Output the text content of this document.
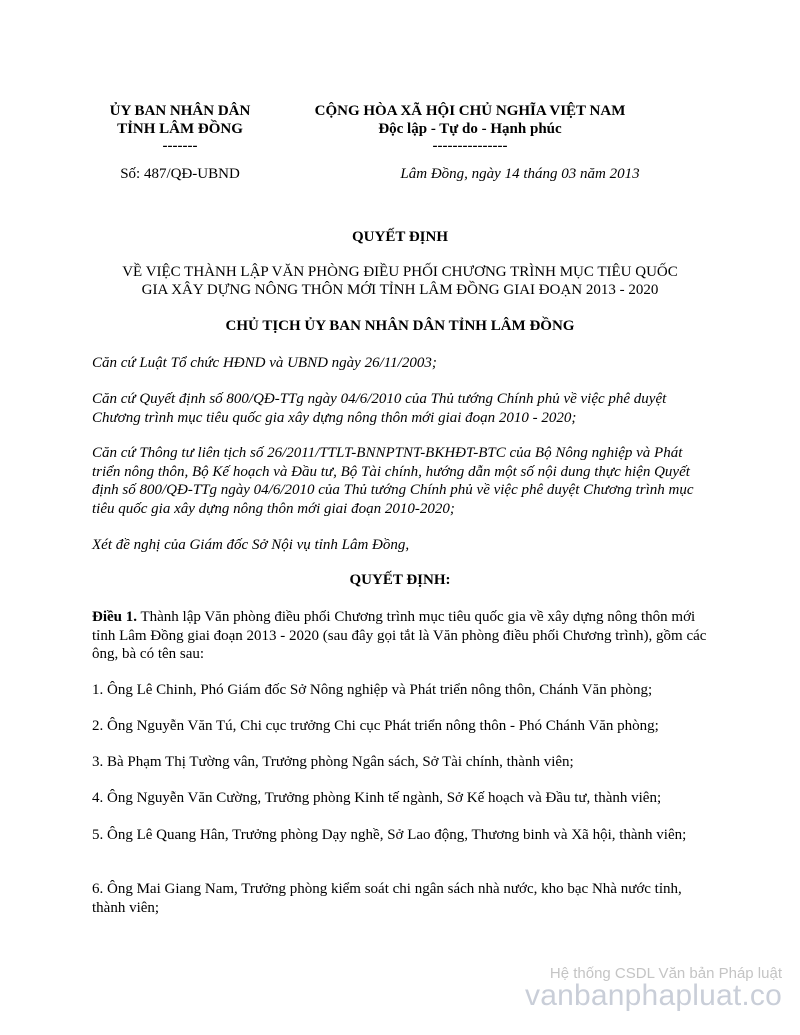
ỦY BAN NHÂN DÂN
TỈNH LÂM ĐỒNG
-------
Số: 487/QĐ-UBND
CỘNG HÒA XÃ HỘI CHỦ NGHĨA VIỆT NAM
Độc lập - Tự do - Hạnh phúc
---------------
Lâm Đồng, ngày 14 tháng 03 năm 2013
QUYẾT ĐỊNH
VỀ VIỆC THÀNH LẬP VĂN PHÒNG ĐIỀU PHỐI CHƯƠNG TRÌNH MỤC TIÊU QUỐC
GIA XÂY DỰNG NÔNG THÔN MỚI TỈNH LÂM ĐỒNG GIAI ĐOẠN 2013 - 2020
CHỦ TỊCH ỦY BAN NHÂN DÂN TỈNH LÂM ĐỒNG

Căn cứ Luật Tổ chức HĐND và UBND ngày 26/11/2003;

Căn cứ Quyết định số 800/QĐ-TTg ngày 04/6/2010 của Thủ tướng Chính phủ về việc phê duyệt Chương trình mục tiêu quốc gia xây dựng nông thôn mới giai đoạn 2010 - 2020;

Căn cứ Thông tư liên tịch số 26/2011/TTLT-BNNPTNT-BKHĐT-BTC của Bộ Nông nghiệp và Phát triển nông thôn, Bộ Kế hoạch và Đầu tư, Bộ Tài chính, hướng dẫn một số nội dung thực hiện Quyết định số 800/QĐ-TTg ngày 04/6/2010 của Thủ tướng Chính phủ về việc phê duyệt Chương trình mục tiêu quốc gia xây dựng nông thôn mới giai đoạn 2010-2020;

Xét đề nghị của Giám đốc Sở Nội vụ tỉnh Lâm Đồng,

QUYẾT ĐỊNH:

Điều 1. Thành lập Văn phòng điều phối Chương trình mục tiêu quốc gia về xây dựng nông thôn mới tỉnh Lâm Đồng giai đoạn 2013 - 2020 (sau đây gọi tắt là Văn phòng điều phối Chương trình), gồm các ông, bà có tên sau:

1. Ông Lê Chinh, Phó Giám đốc Sở Nông nghiệp và Phát triển nông thôn, Chánh Văn phòng;

2. Ông Nguyễn Văn Tú, Chi cục trưởng Chi cục Phát triển nông thôn - Phó Chánh Văn phòng;

3. Bà Phạm Thị Tường vân, Trưởng phòng Ngân sách, Sở Tài chính, thành viên;

4. Ông Nguyễn Văn Cường, Trưởng phòng Kinh tế ngành, Sở Kế hoạch và Đầu tư, thành viên;

5. Ông Lê Quang Hân, Trưởng phòng Dạy nghề, Sở Lao động, Thương binh và Xã hội, thành viên;

6. Ông Mai Giang Nam, Trưởng phòng kiểm soát chi ngân sách nhà nước, kho bạc Nhà nước tỉnh, thành viên;

Hệ thống CSDL Văn bản Pháp luật
vanbanphapluat.co
